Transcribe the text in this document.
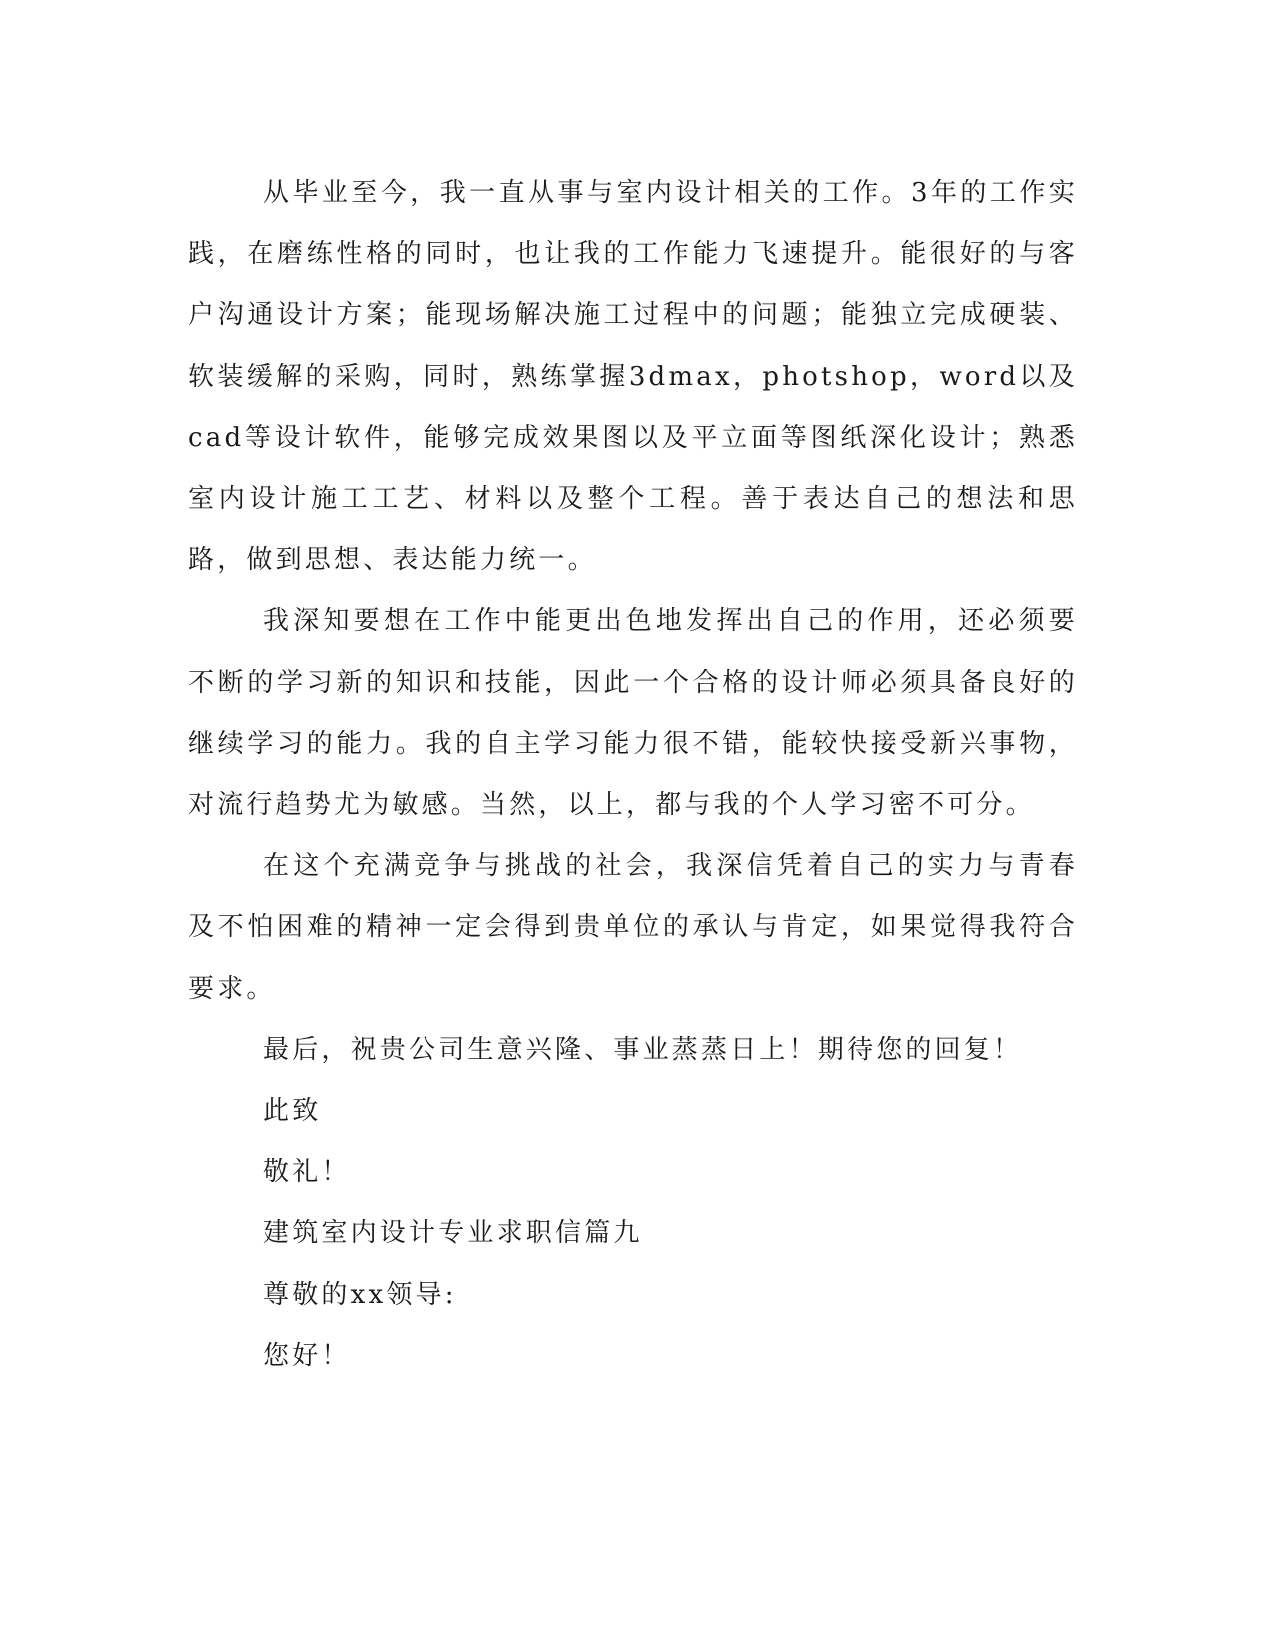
从毕业至今，我一直从事与室内设计相关的工作。3年的工作实践，在磨练性格的同时，也让我的工作能力飞速提升。能很好的与客户沟通设计方案；能现场解决施工过程中的问题；能独立完成硬装、软装缓解的采购，同时，熟练掌握3dmax，photshop，word以及cad等设计软件，能够完成效果图以及平立面等图纸深化设计；熟悉室内设计施工工艺、材料以及整个工程。善于表达自己的想法和思路，做到思想、表达能力统一。

我深知要想在工作中能更出色地发挥出自己的作用，还必须要不断的学习新的知识和技能，因此一个合格的设计师必须具备良好的继续学习的能力。我的自主学习能力很不错，能较快接受新兴事物，对流行趋势尤为敏感。当然，以上，都与我的个人学习密不可分。

在这个充满竞争与挑战的社会，我深信凭着自己的实力与青春及不怕困难的精神一定会得到贵单位的承认与肯定，如果觉得我符合要求。

最后，祝贵公司生意兴隆、事业蒸蒸日上！期待您的回复！

此致

敬礼！

建筑室内设计专业求职信篇九

尊敬的xx领导:

您好！
